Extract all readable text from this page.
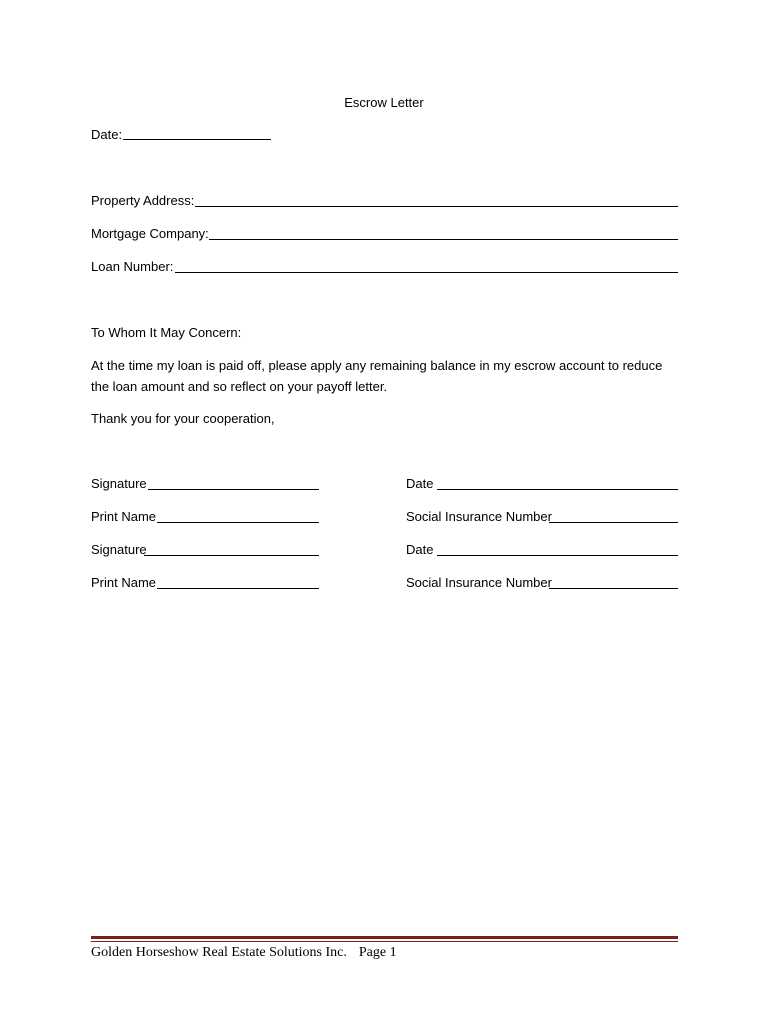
Escrow Letter
Date:
Property Address:
Mortgage Company:
Loan Number:
To Whom It May Concern:
At the time my loan is paid off, please apply any remaining balance in my escrow account to reduce the loan amount and so reflect on your payoff letter.
Thank you for your cooperation,
Signature	Date
Print Name	Social Insurance Number
Signature	Date
Print Name	Social Insurance Number
Golden Horseshow Real Estate Solutions Inc. Page 1
